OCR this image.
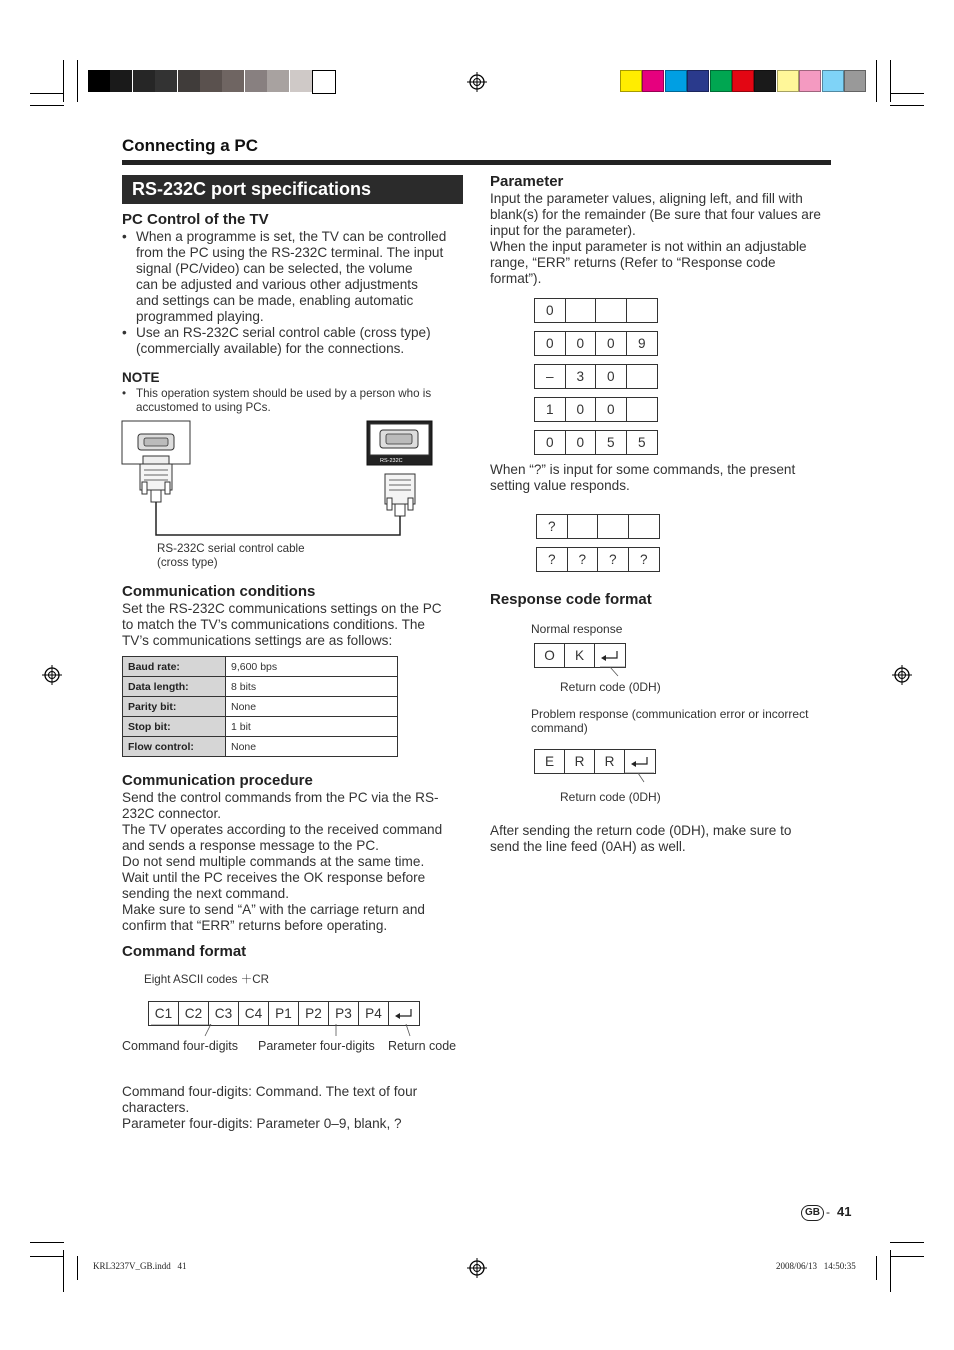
Connecting a PC
RS-232C port specifications
PC Control of the TV
• When a programme is set, the TV can be controlled
from the PC using the RS-232C terminal. The input
signal (PC/video) can be selected, the volume
can be adjusted and various other adjustments
and settings can be made, enabling automatic
programmed playing.
• Use an RS-232C serial control cable (cross type)
(commercially available) for the connections.
NOTE
• This operation system should be used by a person who is
accustomed to using PCs.
RS-232C
RS-232C serial control cable
(cross type)
Communication conditions
Set the RS-232C communications settings on the PC
to match the TV’s communications conditions. The
TV’s communications settings are as follows:
Baud rate:	9,600 bps
Data length:	8 bits
Parity bit:	None
Stop bit:	1 bit
Flow control:	None
Communication procedure
Send the control commands from the PC via the RS-
232C connector.
The TV operates according to the received command
and sends a response message to the PC.
Do not send multiple commands at the same time.
Wait until the PC receives the OK response before
sending the next command.
Make sure to send “A” with the carriage return and
confirm that “ERR” returns before operating.
Command format
Eight ASCII codes ＋CR
C1 C2 C3 C4 P1 P2 P3 P4
Command four-digits Parameter four-digits Return code
Command four-digits: Command. The text of four
characters.
Parameter four-digits: Parameter 0–9, blank, ?
Parameter
Input the parameter values, aligning left, and fill with
blank(s) for the remainder (Be sure that four values are
input for the parameter).
When the input parameter is not within an adjustable
range, “ERR” returns (Refer to “Response code
format”).
0
0	0	0	9
–	3	0
1	0	0
0	0	5	5
When “?” is input for some commands, the present
setting value responds.
?
?	?	?	?
Response code format
Normal response
O	K
Return code (0DH)
Problem response (communication error or incorrect
command)
E	R	R
Return code (0DH)
After sending the return code (0DH), make sure to
send the line feed (0AH) as well.
GB - 41
KRL3237V_GB.indd   41	2008/06/13   14:50:35
